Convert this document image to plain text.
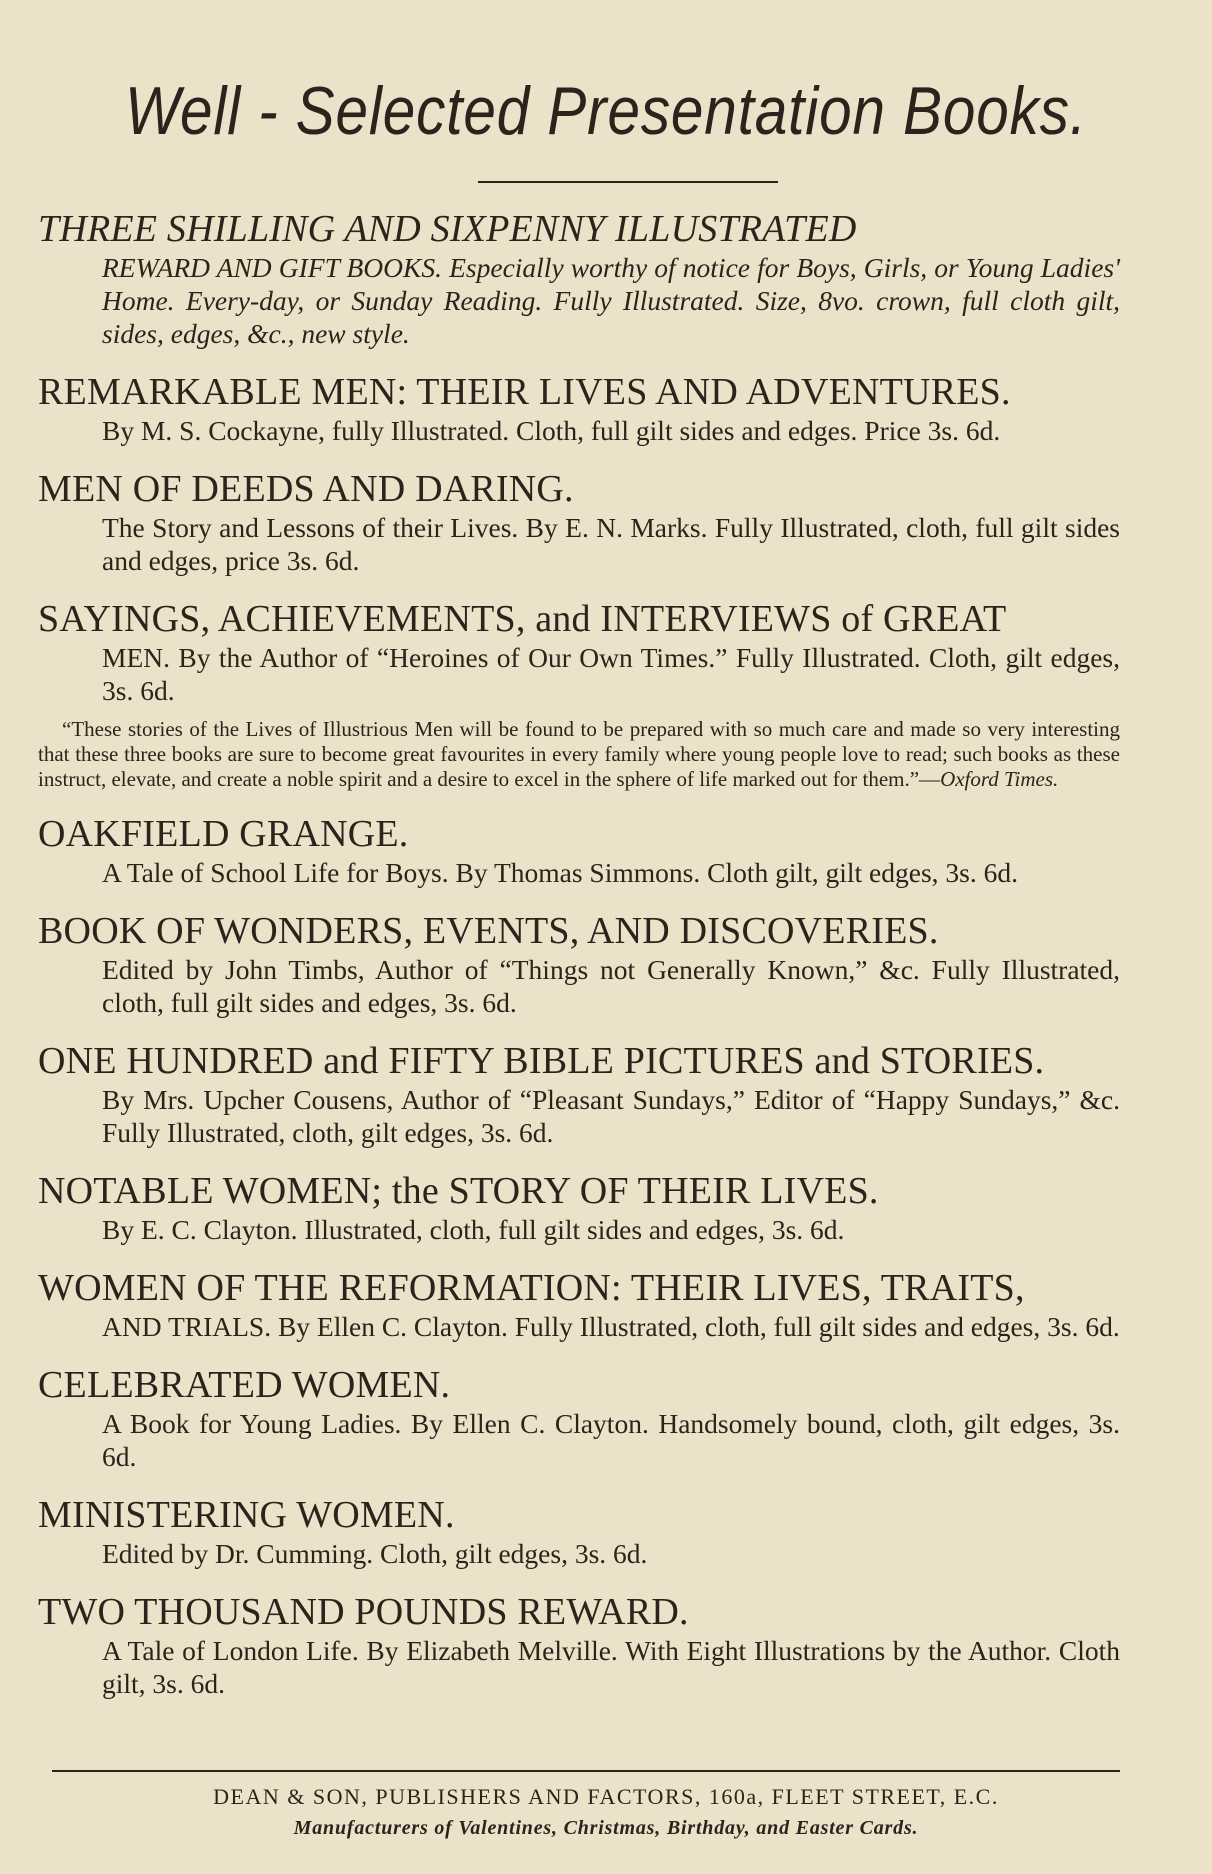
Well - Selected Presentation Books.
THREE SHILLING AND SIXPENNY ILLUSTRATED

REWARD AND GIFT BOOKS. Especially worthy of notice for Boys, Girls, or Young Ladies' Home. Every-day, or Sunday Reading. Fully Illustrated. Size, 8vo. crown, full cloth gilt, sides, edges, &c., new style.

REMARKABLE MEN: THEIR LIVES AND ADVENTURES.

By M. S. Cockayne, fully Illustrated. Cloth, full gilt sides and edges. Price 3s. 6d.

MEN OF DEEDS AND DARING.

The Story and Lessons of their Lives. By E. N. Marks. Fully Illustrated, cloth, full gilt sides and edges, price 3s. 6d.

SAYINGS, ACHIEVEMENTS, and INTERVIEWS of GREAT

MEN. By the Author of “Heroines of Our Own Times.” Fully Illustrated. Cloth, gilt edges, 3s. 6d.

“These stories of the Lives of Illustrious Men will be found to be prepared with so much care and made so very interesting that these three books are sure to become great favourites in every family where young people love to read; such books as these instruct, elevate, and create a noble spirit and a desire to excel in the sphere of life marked out for them.”—Oxford Times.

OAKFIELD GRANGE.

A Tale of School Life for Boys. By Thomas Simmons. Cloth gilt, gilt edges, 3s. 6d.

BOOK OF WONDERS, EVENTS, AND DISCOVERIES.

Edited by John Timbs, Author of “Things not Generally Known,” &c. Fully Illustrated, cloth, full gilt sides and edges, 3s. 6d.

ONE HUNDRED and FIFTY BIBLE PICTURES and STORIES.

By Mrs. Upcher Cousens, Author of “Pleasant Sundays,” Editor of “Happy Sundays,” &c. Fully Illustrated, cloth, gilt edges, 3s. 6d.

NOTABLE WOMEN; the STORY OF THEIR LIVES.

By E. C. Clayton. Illustrated, cloth, full gilt sides and edges, 3s. 6d.

WOMEN OF THE REFORMATION: THEIR LIVES, TRAITS,

AND TRIALS. By Ellen C. Clayton. Fully Illustrated, cloth, full gilt sides and edges, 3s. 6d.

CELEBRATED WOMEN.

A Book for Young Ladies. By Ellen C. Clayton. Handsomely bound, cloth, gilt edges, 3s. 6d.

MINISTERING WOMEN.

Edited by Dr. Cumming. Cloth, gilt edges, 3s. 6d.

TWO THOUSAND POUNDS REWARD.

A Tale of London Life. By Elizabeth Melville. With Eight Illustrations by the Author. Cloth gilt, 3s. 6d.

DEAN & SON, PUBLISHERS AND FACTORS, 160a, FLEET STREET, E.C.

Manufacturers of Valentines, Christmas, Birthday, and Easter Cards.
